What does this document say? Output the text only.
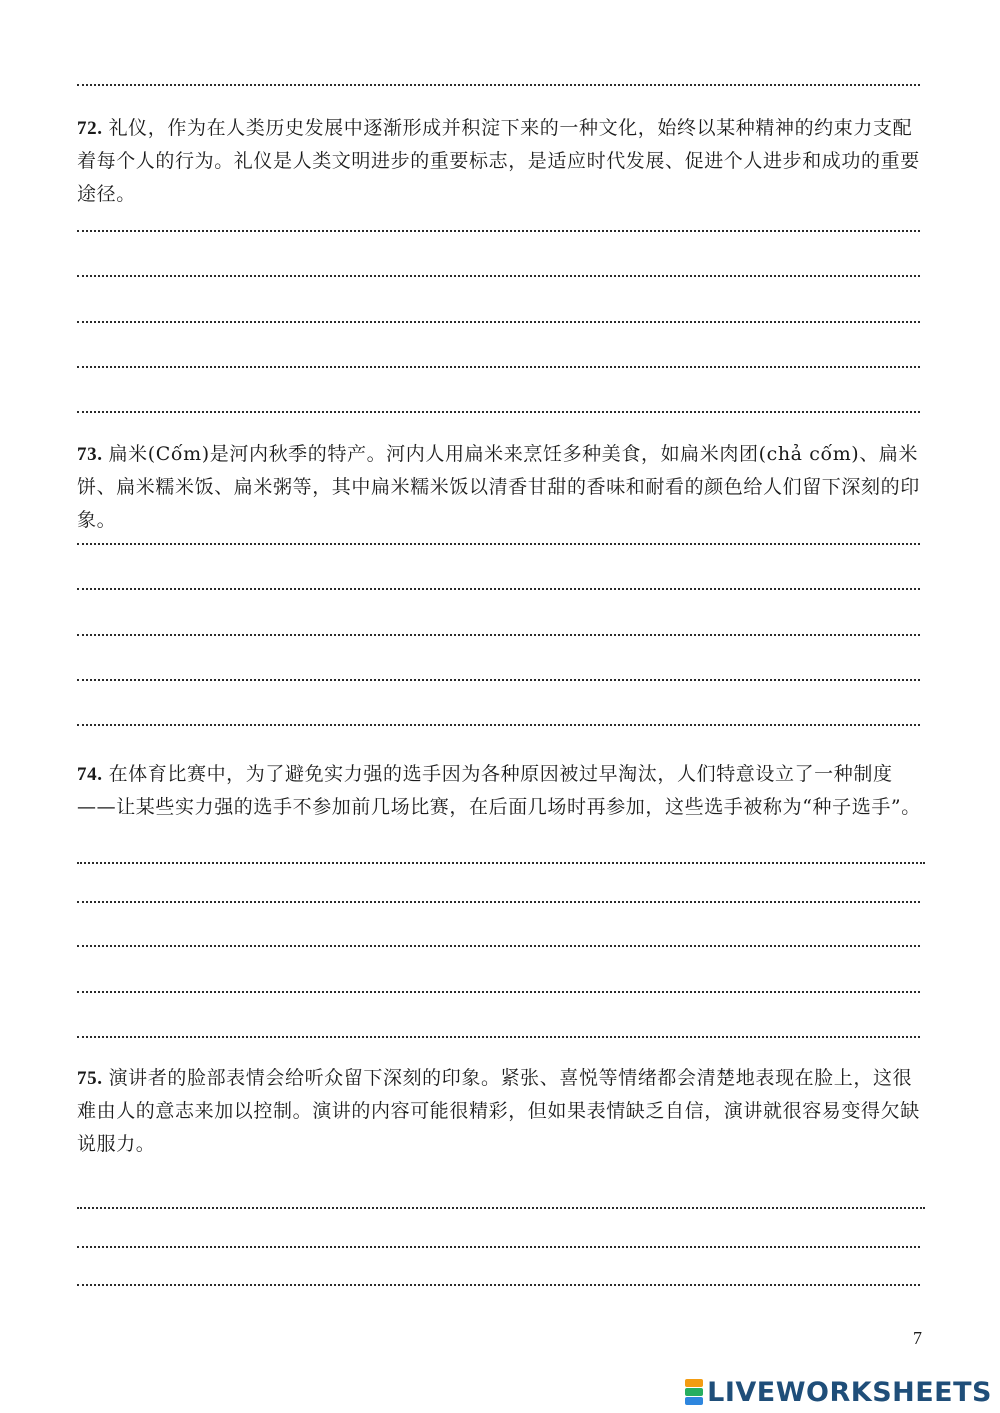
72. 礼仪，作为在人类历史发展中逐渐形成并积淀下来的一种文化，始终以某种精神的约束力支配着每个人的行为。礼仪是人类文明进步的重要标志，是适应时代发展、促进个人进步和成功的重要途径。
73. 扁米(Cốm)是河内秋季的特产。河内人用扁米来烹饪多种美食，如扁米肉团(chả cốm)、扁米饼、扁米糯米饭、扁米粥等，其中扁米糯米饭以清香甘甜的香味和耐看的颜色给人们留下深刻的印象。
74. 在体育比赛中，为了避免实力强的选手因为各种原因被过早淘汰，人们特意设立了一种制度——让某些实力强的选手不参加前几场比赛，在后面几场时再参加，这些选手被称为“种子选手”。
75. 演讲者的脸部表情会给听众留下深刻的印象。紧张、喜悦等情绪都会清楚地表现在脸上，这很难由人的意志来加以控制。演讲的内容可能很精彩，但如果表情缺乏自信，演讲就很容易变得欠缺说服力。
7
LIVEWORKSHEETS
